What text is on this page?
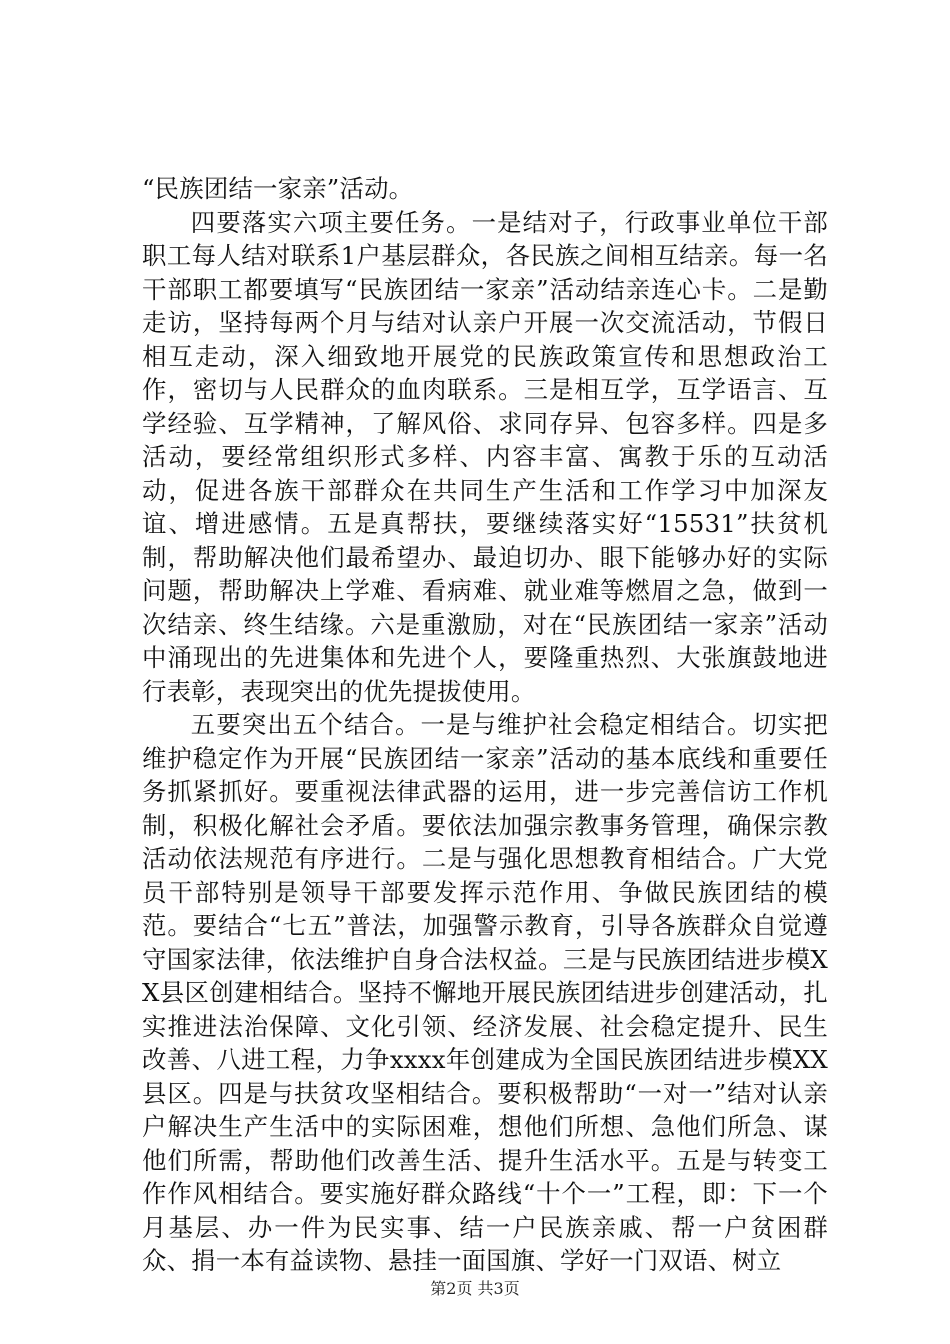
“民族团结一家亲”活动。

四要落实六项主要任务。一是结对子，行政事业单位干部职工每人结对联系1户基层群众，各民族之间相互结亲。每一名干部职工都要填写“民族团结一家亲”活动结亲连心卡。二是勤走访，坚持每两个月与结对认亲户开展一次交流活动，节假日相互走动，深入细致地开展党的民族政策宣传和思想政治工作，密切与人民群众的血肉联系。三是相互学，互学语言、互学经验、互学精神，了解风俗、求同存异、包容多样。四是多活动，要经常组织形式多样、内容丰富、寓教于乐的互动活动，促进各族干部群众在共同生产生活和工作学习中加深友谊、增进感情。五是真帮扶，要继续落实好“15531”扶贫机制，帮助解决他们最希望办、最迫切办、眼下能够办好的实际问题，帮助解决上学难、看病难、就业难等燃眉之急，做到一次结亲、终生结缘。六是重激励，对在“民族团结一家亲”活动中涌现出的先进集体和先进个人，要隆重热烈、大张旗鼓地进行表彰，表现突出的优先提拔使用。

五要突出五个结合。一是与维护社会稳定相结合。切实把维护稳定作为开展“民族团结一家亲”活动的基本底线和重要任务抓紧抓好。要重视法律武器的运用，进一步完善信访工作机制，积极化解社会矛盾。要依法加强宗教事务管理，确保宗教活动依法规范有序进行。二是与强化思想教育相结合。广大党员干部特别是领导干部要发挥示范作用、争做民族团结的模范。要结合“七五”普法，加强警示教育，引导各族群众自觉遵守国家法律，依法维护自身合法权益。三是与民族团结进步模XX县区创建相结合。坚持不懈地开展民族团结进步创建活动，扎实推进法治保障、文化引领、经济发展、社会稳定提升、民生改善、八进工程，力争xxxx年创建成为全国民族团结进步模XX县区。四是与扶贫攻坚相结合。要积极帮助“一对一”结对认亲户解决生产生活中的实际困难，想他们所想、急他们所急、谋他们所需，帮助他们改善生活、提升生活水平。五是与转变工作作风相结合。要实施好群众路线“十个一”工程，即：下一个月基层、办一件为民实事、结一户民族亲戚、帮一户贫困群众、捐一本有益读物、悬挂一面国旗、学好一门双语、树立

第2页 共3页
